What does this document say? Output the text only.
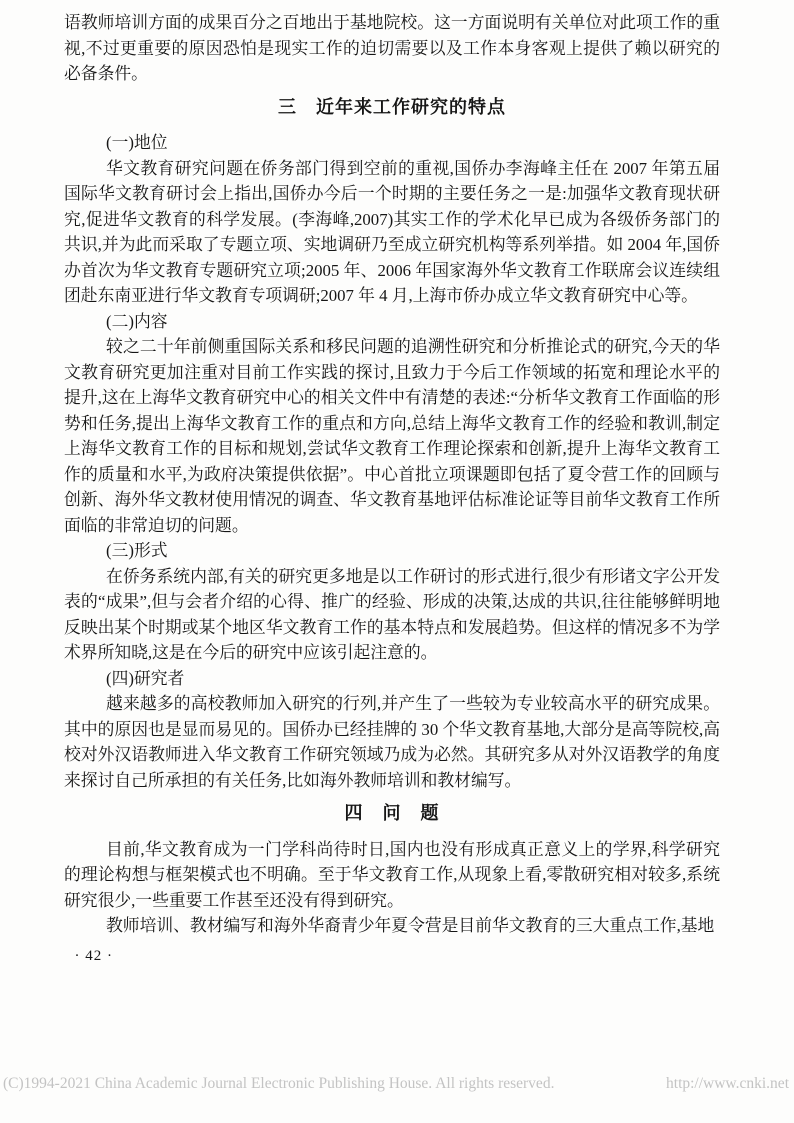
语教师培训方面的成果百分之百地出于基地院校。这一方面说明有关单位对此项工作的重视,不过更重要的原因恐怕是现实工作的迫切需要以及工作本身客观上提供了赖以研究的必备条件。

三　近年来工作研究的特点

(一)地位

华文教育研究问题在侨务部门得到空前的重视,国侨办李海峰主任在 2007 年第五届国际华文教育研讨会上指出,国侨办今后一个时期的主要任务之一是:加强华文教育现状研究,促进华文教育的科学发展。(李海峰,2007)其实工作的学术化早已成为各级侨务部门的共识,并为此而采取了专题立项、实地调研乃至成立研究机构等系列举措。如 2004 年,国侨办首次为华文教育专题研究立项;2005 年、2006 年国家海外华文教育工作联席会议连续组团赴东南亚进行华文教育专项调研;2007 年 4 月,上海市侨办成立华文教育研究中心等。

(二)内容

较之二十年前侧重国际关系和移民问题的追溯性研究和分析推论式的研究,今天的华文教育研究更加注重对目前工作实践的探讨,且致力于今后工作领域的拓宽和理论水平的提升,这在上海华文教育研究中心的相关文件中有清楚的表述:“分析华文教育工作面临的形势和任务,提出上海华文教育工作的重点和方向,总结上海华文教育工作的经验和教训,制定上海华文教育工作的目标和规划,尝试华文教育工作理论探索和创新,提升上海华文教育工作的质量和水平,为政府决策提供依据”。中心首批立项课题即包括了夏令营工作的回顾与创新、海外华文教材使用情况的调查、华文教育基地评估标准论证等目前华文教育工作所面临的非常迫切的问题。

(三)形式

在侨务系统内部,有关的研究更多地是以工作研讨的形式进行,很少有形诸文字公开发表的“成果”,但与会者介绍的心得、推广的经验、形成的决策,达成的共识,往往能够鲜明地反映出某个时期或某个地区华文教育工作的基本特点和发展趋势。但这样的情况多不为学术界所知晓,这是在今后的研究中应该引起注意的。

(四)研究者

越来越多的高校教师加入研究的行列,并产生了一些较为专业较高水平的研究成果。其中的原因也是显而易见的。国侨办已经挂牌的 30 个华文教育基地,大部分是高等院校,高校对外汉语教师进入华文教育工作研究领域乃成为必然。其研究多从对外汉语教学的角度来探讨自己所承担的有关任务,比如海外教师培训和教材编写。

四　问　题

目前,华文教育成为一门学科尚待时日,国内也没有形成真正意义上的学界,科学研究的理论构想与框架模式也不明确。至于华文教育工作,从现象上看,零散研究相对较多,系统研究很少,一些重要工作甚至还没有得到研究。

教师培训、教材编写和海外华裔青少年夏令营是目前华文教育的三大重点工作,基地

· 42 ·
(C)1994-2021 China Academic Journal Electronic Publishing House. All rights reserved.	http://www.cnki.net
